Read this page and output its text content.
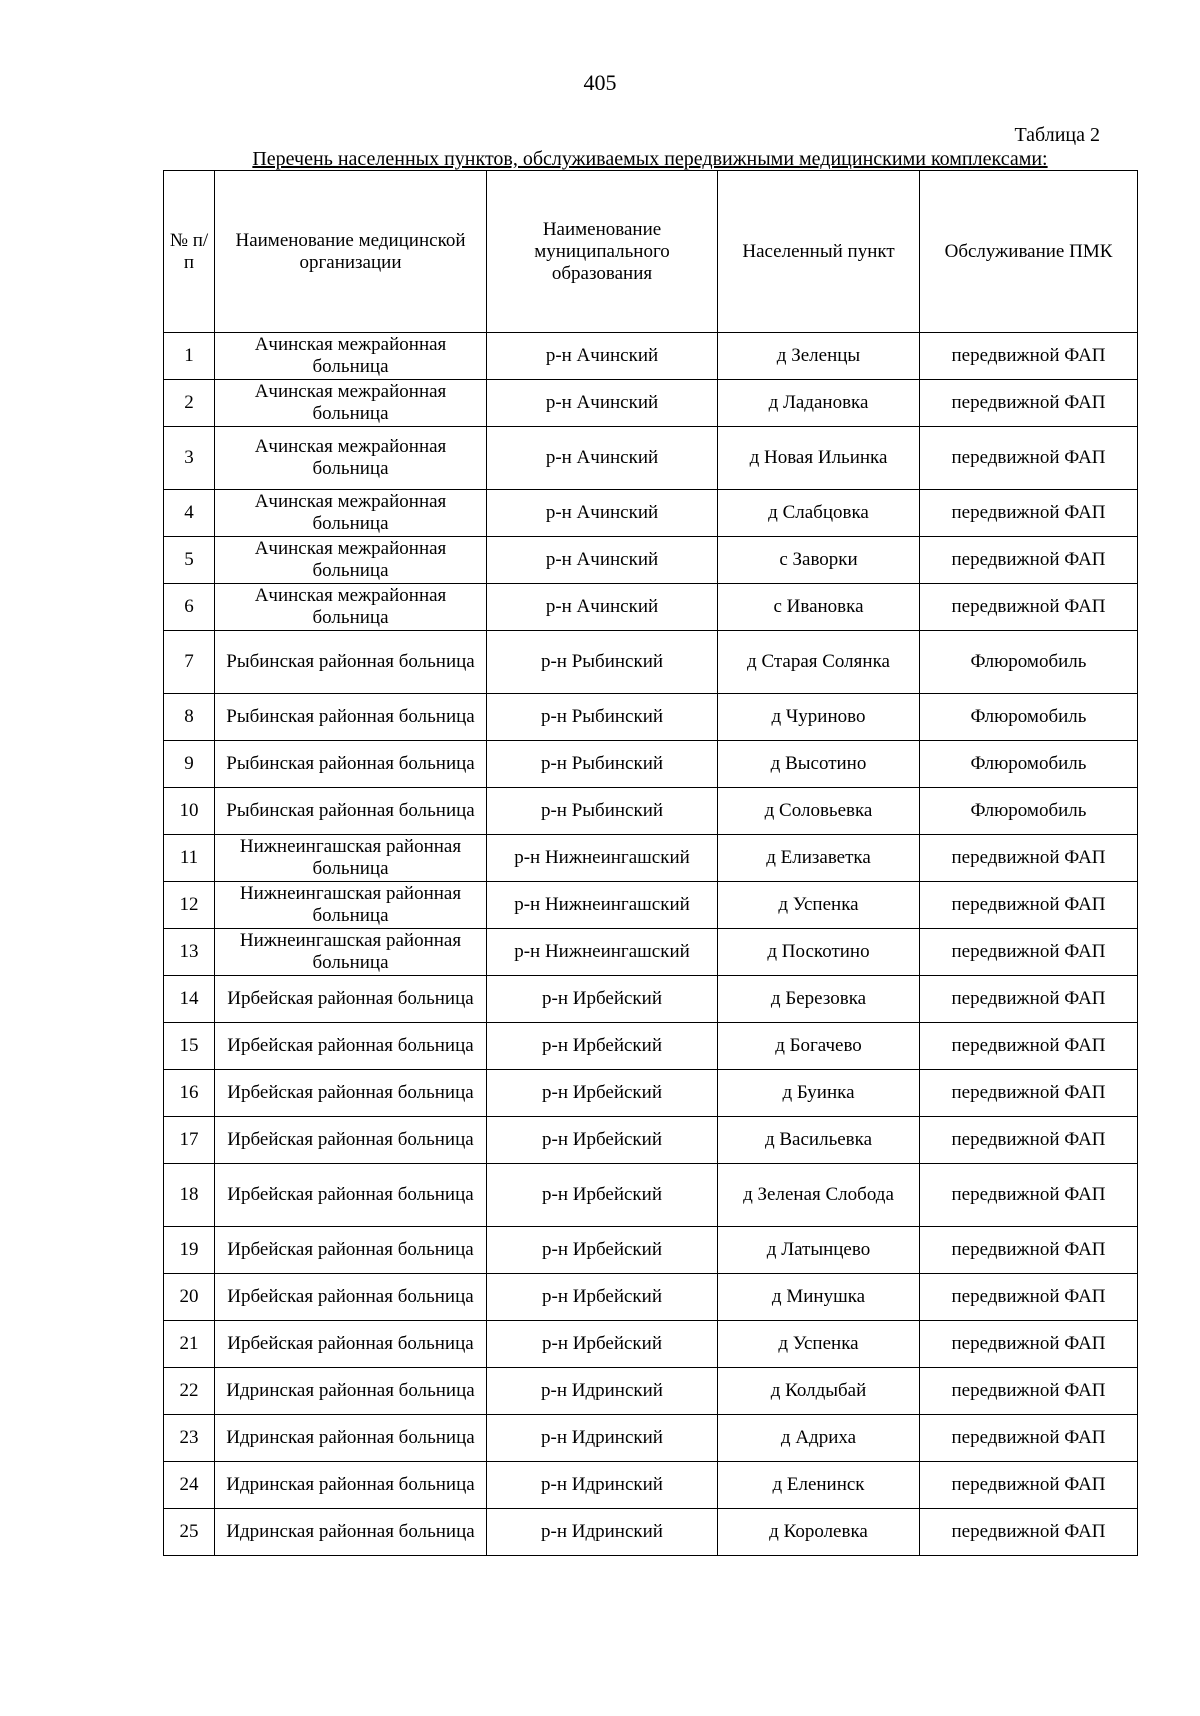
405
Таблица 2
Перечень населенных пунктов, обслуживаемых передвижными медицинскими комплексами:
№ п/п	Наименование медицинской организации	Наименование муниципального образования	Населенный пункт	Обслуживание ПМК
1	Ачинская межрайонная больница	р-н Ачинский	д Зеленцы	передвижной ФАП
2	Ачинская межрайонная больница	р-н Ачинский	д Ладановка	передвижной ФАП
3	Ачинская межрайонная больница	р-н Ачинский	д Новая Ильинка	передвижной ФАП
4	Ачинская межрайонная больница	р-н Ачинский	д Слабцовка	передвижной ФАП
5	Ачинская межрайонная больница	р-н Ачинский	с Заворки	передвижной ФАП
6	Ачинская межрайонная больница	р-н Ачинский	с Ивановка	передвижной ФАП
7	Рыбинская районная больница	р-н Рыбинский	д Старая Солянка	Флюромобиль
8	Рыбинская районная больница	р-н Рыбинский	д Чуриново	Флюромобиль
9	Рыбинская районная больница	р-н Рыбинский	д Высотино	Флюромобиль
10	Рыбинская районная больница	р-н Рыбинский	д Соловьевка	Флюромобиль
11	Нижнеингашская районная больница	р-н Нижнеингашский	д Елизаветка	передвижной ФАП
12	Нижнеингашская районная больница	р-н Нижнеингашский	д Успенка	передвижной ФАП
13	Нижнеингашская районная больница	р-н Нижнеингашский	д Поскотино	передвижной ФАП
14	Ирбейская районная больница	р-н Ирбейский	д Березовка	передвижной ФАП
15	Ирбейская районная больница	р-н Ирбейский	д Богачево	передвижной ФАП
16	Ирбейская районная больница	р-н Ирбейский	д Буинка	передвижной ФАП
17	Ирбейская районная больница	р-н Ирбейский	д Васильевка	передвижной ФАП
18	Ирбейская районная больница	р-н Ирбейский	д Зеленая Слобода	передвижной ФАП
19	Ирбейская районная больница	р-н Ирбейский	д Латынцево	передвижной ФАП
20	Ирбейская районная больница	р-н Ирбейский	д Минушка	передвижной ФАП
21	Ирбейская районная больница	р-н Ирбейский	д Успенка	передвижной ФАП
22	Идринская районная больница	р-н Идринский	д Колдыбай	передвижной ФАП
23	Идринская районная больница	р-н Идринский	д Адриха	передвижной ФАП
24	Идринская районная больница	р-н Идринский	д Еленинск	передвижной ФАП
25	Идринская районная больница	р-н Идринский	д Королевка	передвижной ФАП
